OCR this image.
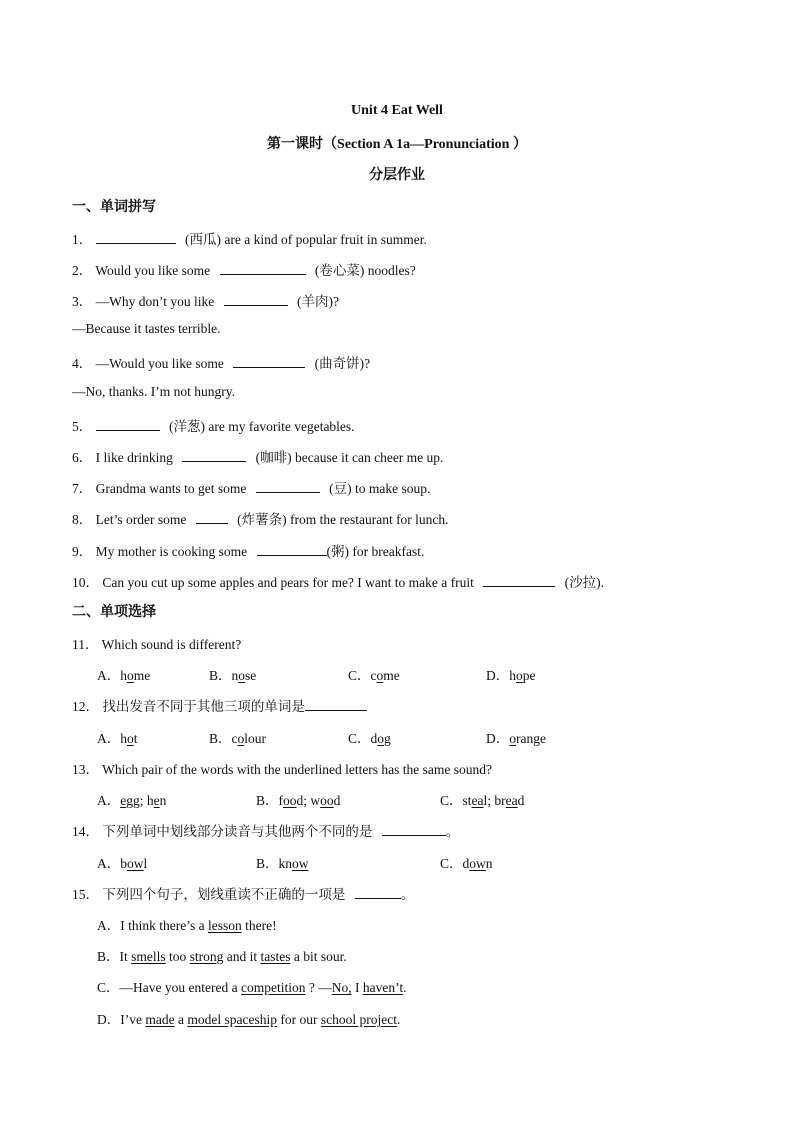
Unit 4 Eat Well
第一课时（Section A 1a—Pronunciation ）
分层作业
一、单词拼写
1．	(西瓜) are a kind of popular fruit in summer.
2． Would you like some	(卷心菜) noodles?
3． —Why don’t you like	(羊肉)?
—Because it tastes terrible.
4． —Would you like some	(曲奇饼)?
—No, thanks. I’m not hungry.
5．	(洋葱) are my favorite vegetables.
6． I like drinking	(咖啡) because it can cheer me up.
7． Grandma wants to get some	(豆) to make soup.
8． Let’s order some	(炸薯条) from the restaurant for lunch.
9． My mother is cooking some	(粥) for breakfast.
10． Can you cut up some apples and pears for me? I want to make a fruit	(沙拉).
二、单项选择
11． Which sound is different?
A．home	B．nose	C．come	D．hope
12． 找出发音不同于其他三项的单词是
A．hot	B．colour	C．dog	D．orange
13． Which pair of the words with the underlined letters has the same sound?
A．egg; hen	B．food; wood	C．steal; bread
14． 下列单词中划线部分读音与其他两个不同的是	。
A．bowl	B．know	C．down
15． 下列四个句子，划线重读不正确的一项是	。
A．I think there’s a lesson there!
B．It smells too strong and it tastes a bit sour.
C．—Have you entered a competition ? —No, I haven’t.
D．I’ve made a model spaceship for our school project.
